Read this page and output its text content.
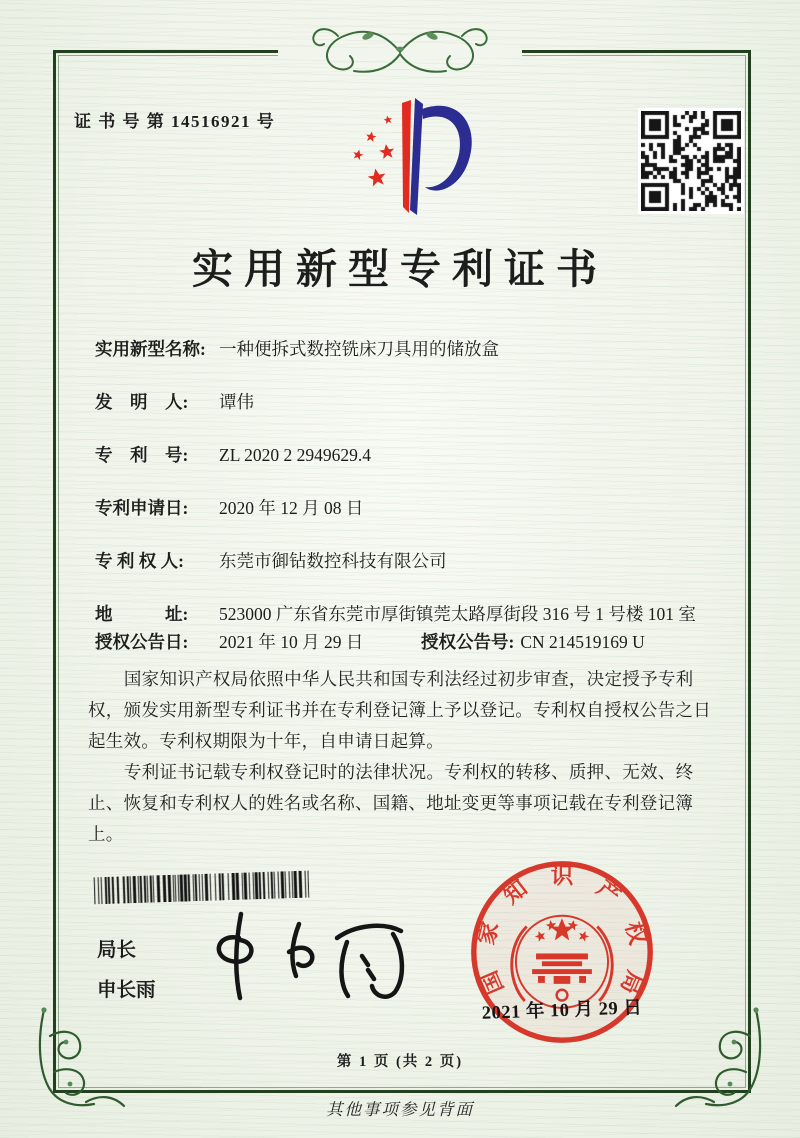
证 书 号 第 14516921 号
实用新型专利证书
实用新型名称: 一种便拆式数控铣床刀具用的储放盒
发　明　人:	谭伟
专　利　号:	ZL 2020 2 2949629.4
专利申请日:	2020 年 12 月 08 日
专 利 权 人:	东莞市御钻数控科技有限公司
地　　　址:	523000 广东省东莞市厚街镇莞太路厚街段 316 号 1 号楼 101 室
授权公告日:	2021 年 10 月 29 日	授权公告号: CN 214519169 U

国家知识产权局依照中华人民共和国专利法经过初步审查，决定授予专利权，颁发实用新型专利证书并在专利登记簿上予以登记。专利权自授权公告之日起生效。专利权期限为十年，自申请日起算。

专利证书记载专利权登记时的法律状况。专利权的转移、质押、无效、终止、恢复和专利权人的姓名或名称、国籍、地址变更等事项记载在专利登记簿上。

局长
申长雨	国家知识产权局
2021 年 10 月 29 日
第 1 页 (共 2 页)
其他事项参见背面
